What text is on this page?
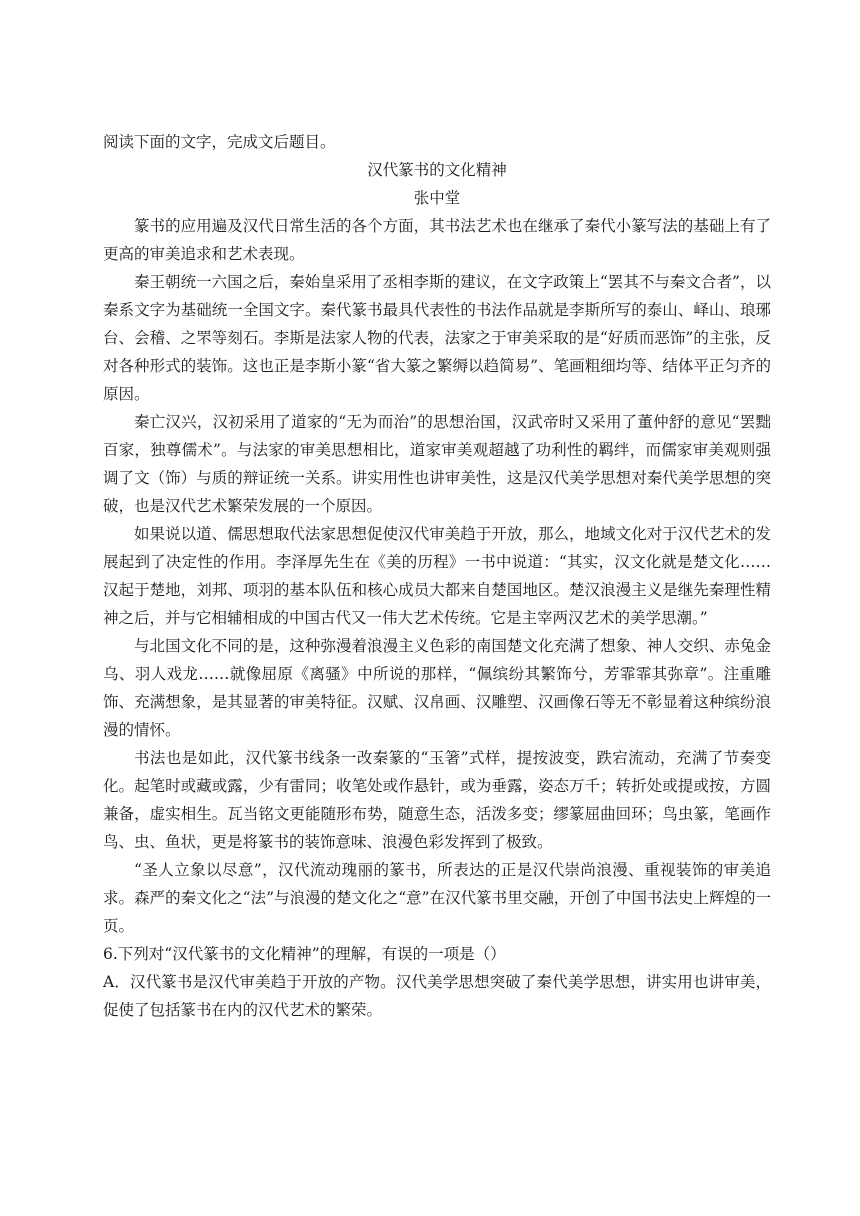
阅读下面的文字，完成文后题目。

汉代篆书的文化精神

张中堂

篆书的应用遍及汉代日常生活的各个方面，其书法艺术也在继承了秦代小篆写法的基础上有了更高的审美追求和艺术表现。

秦王朝统一六国之后，秦始皇采用了丞相李斯的建议，在文字政策上“罢其不与秦文合者”，以秦系文字为基础统一全国文字。秦代篆书最具代表性的书法作品就是李斯所写的泰山、峄山、琅琊台、会稽、之罘等刻石。李斯是法家人物的代表，法家之于审美采取的是“好质而恶饰”的主张，反对各种形式的装饰。这也正是李斯小篆“省大篆之繁缛以趋简易”、笔画粗细均等、结体平正匀齐的原因。

秦亡汉兴，汉初采用了道家的“无为而治”的思想治国，汉武帝时又采用了董仲舒的意见“罢黜百家，独尊儒术”。与法家的审美思想相比，道家审美观超越了功利性的羁绊，而儒家审美观则强调了文（饰）与质的辩证统一关系。讲实用性也讲审美性，这是汉代美学思想对秦代美学思想的突破，也是汉代艺术繁荣发展的一个原因。

如果说以道、儒思想取代法家思想促使汉代审美趋于开放，那么，地域文化对于汉代艺术的发展起到了决定性的作用。李泽厚先生在《美的历程》一书中说道：“其实，汉文化就是楚文化……汉起于楚地，刘邦、项羽的基本队伍和核心成员大都来自楚国地区。楚汉浪漫主义是继先秦理性精神之后，并与它相辅相成的中国古代又一伟大艺术传统。它是主宰两汉艺术的美学思潮。”

与北国文化不同的是，这种弥漫着浪漫主义色彩的南国楚文化充满了想象、神人交织、赤兔金乌、羽人戏龙……就像屈原《离骚》中所说的那样，“佩缤纷其繁饰兮，芳霏霏其弥章”。注重雕饰、充满想象，是其显著的审美特征。汉赋、汉帛画、汉雕塑、汉画像石等无不彰显着这种缤纷浪漫的情怀。

书法也是如此，汉代篆书线条一改秦篆的“玉箸”式样，提按波变，跌宕流动，充满了节奏变化。起笔时或藏或露，少有雷同；收笔处或作悬针，或为垂露，姿态万千；转折处或提或按，方圆兼备，虚实相生。瓦当铭文更能随形布势，随意生态，活泼多变；缪篆屈曲回环；鸟虫篆，笔画作鸟、虫、鱼状，更是将篆书的装饰意味、浪漫色彩发挥到了极致。

“圣人立象以尽意”，汉代流动瑰丽的篆书，所表达的正是汉代崇尚浪漫、重视装饰的审美追求。森严的秦文化之“法”与浪漫的楚文化之“意”在汉代篆书里交融，开创了中国书法史上辉煌的一页。

6.下列对“汉代篆书的文化精神”的理解，有误的一项是（）

A．汉代篆书是汉代审美趋于开放的产物。汉代美学思想突破了秦代美学思想，讲实用也讲审美，促使了包括篆书在内的汉代艺术的繁荣。
